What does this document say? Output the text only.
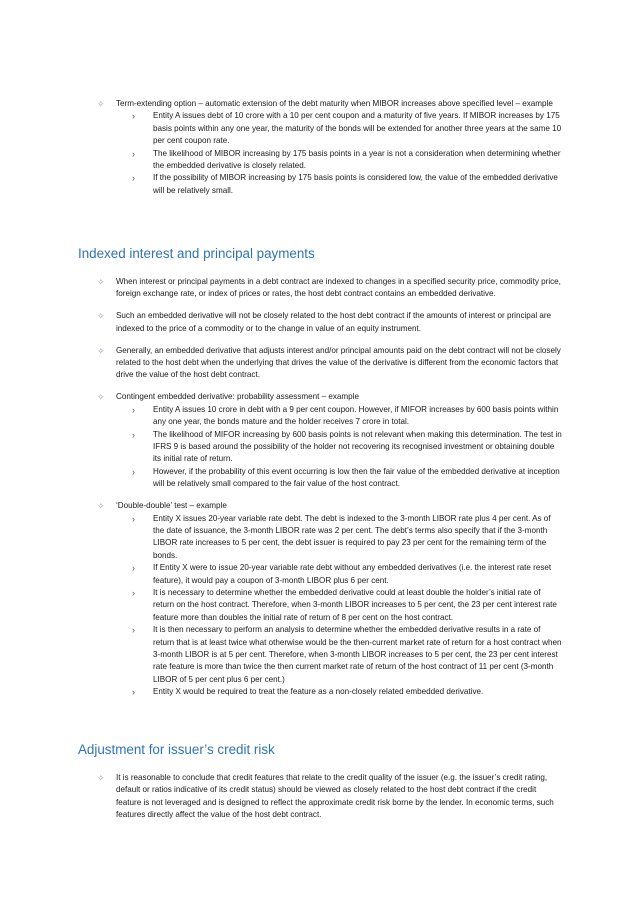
✧ Term-extending option – automatic extension of the debt maturity when MIBOR increases above specified level – example
› Entity A issues debt of 10 crore with a 10 per cent coupon and a maturity of five years. If MIBOR increases by 175 basis points within any one year, the maturity of the bonds will be extended for another three years at the same 10 per cent coupon rate.
› The likelihood of MIBOR increasing by 175 basis points in a year is not a consideration when determining whether the embedded derivative is closely related.
› If the possibility of MIBOR increasing by 175 basis points is considered low, the value of the embedded derivative will be relatively small.
Indexed interest and principal payments
✧ When interest or principal payments in a debt contract are indexed to changes in a specified security price, commodity price, foreign exchange rate, or index of prices or rates, the host debt contract contains an embedded derivative.
✧ Such an embedded derivative will not be closely related to the host debt contract if the amounts of interest or principal are indexed to the price of a commodity or to the change in value of an equity instrument.
✧ Generally, an embedded derivative that adjusts interest and/or principal amounts paid on the debt contract will not be closely related to the host debt when the underlying that drives the value of the derivative is different from the economic factors that drive the value of the host debt contract.
✧ Contingent embedded derivative: probability assessment – example
› Entity A issues 10 crore in debt with a 9 per cent coupon. However, if MIFOR increases by 600 basis points within any one year, the bonds mature and the holder receives 7 crore in total.
› The likelihood of MIFOR increasing by 600 basis points is not relevant when making this determination. The test in IFRS 9 is based around the possibility of the holder not recovering its recognised investment or obtaining double its initial rate of return.
› However, if the probability of this event occurring is low then the fair value of the embedded derivative at inception will be relatively small compared to the fair value of the host contract.
✧ ‘Double-double’ test – example
› Entity X issues 20-year variable rate debt. The debt is indexed to the 3-month LIBOR rate plus 4 per cent. As of the date of issuance, the 3-month LIBOR rate was 2 per cent. The debt’s terms also specify that if the 3-month LIBOR rate increases to 5 per cent, the debt issuer is required to pay 23 per cent for the remaining term of the bonds.
› If Entity X were to issue 20-year variable rate debt without any embedded derivatives (i.e. the interest rate reset feature), it would pay a coupon of 3-month LIBOR plus 6 per cent.
› It is necessary to determine whether the embedded derivative could at least double the holder’s initial rate of return on the host contract. Therefore, when 3-month LIBOR increases to 5 per cent, the 23 per cent interest rate feature more than doubles the initial rate of return of 8 per cent on the host contract.
› It is then necessary to perform an analysis to determine whether the embedded derivative results in a rate of return that is at least twice what otherwise would be the then-current market rate of return for a host contract when 3-month LIBOR is at 5 per cent. Therefore, when 3-month LIBOR increases to 5 per cent, the 23 per cent interest rate feature is more than twice the then current market rate of return of the host contract of 11 per cent (3-month LIBOR of 5 per cent plus 6 per cent.)
› Entity X would be required to treat the feature as a non-closely related embedded derivative.
Adjustment for issuer’s credit risk
✧ It is reasonable to conclude that credit features that relate to the credit quality of the issuer (e.g. the issuer’s credit rating, default or ratios indicative of its credit status) should be viewed as closely related to the host debt contract if the credit feature is not leveraged and is designed to reflect the approximate credit risk borne by the lender. In economic terms, such features directly affect the value of the host debt contract.
